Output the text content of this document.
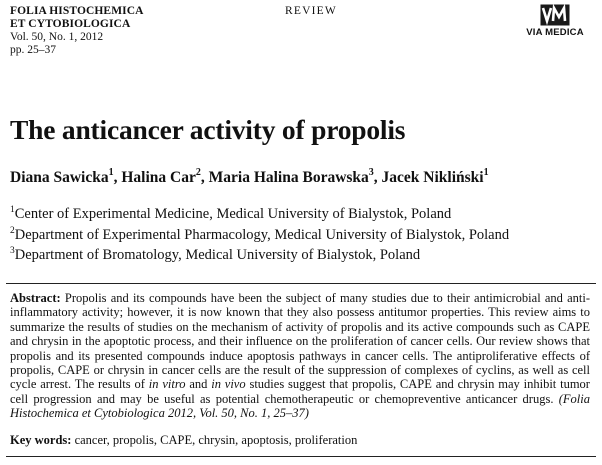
FOLIA HISTOCHEMICA
ET CYTOBIOLOGICA
Vol. 50, No. 1, 2012
pp. 25–37
REVIEW
VIA MEDICA
The anticancer activity of propolis
Diana Sawicka$^1$, Halina Car$^2$, Maria Halina Borawska$^3$, Jacek Nikliński$^1$
$^1$Center of Experimental Medicine, Medical University of Bialystok, Poland
$^2$Department of Experimental Pharmacology, Medical University of Bialystok, Poland
$^3$Department of Bromatology, Medical University of Bialystok, Poland
Abstract: Propolis and its compounds have been the subject of many studies due to their antimicrobial and anti-inflammatory activity; however, it is now known that they also possess antitumor properties. This review aims to summarize the results of studies on the mechanism of activity of propolis and its active compounds such as CAPE and chrysin in the apoptotic process, and their influence on the proliferation of cancer cells. Our review shows that propolis and its presented compounds induce apoptosis pathways in cancer cells. The antiproliferative effects of propolis, CAPE or chrysin in cancer cells are the result of the suppression of complexes of cyclins, as well as cell cycle arrest. The results of in vitro and in vivo studies suggest that propolis, CAPE and chrysin may inhibit tumor cell progression and may be useful as potential chemotherapeutic or chemopreventive anticancer drugs. (Folia Histochemica et Cytobiologica 2012, Vol. 50, No. 1, 25–37)
Key words: cancer, propolis, CAPE, chrysin, apoptosis, proliferation
